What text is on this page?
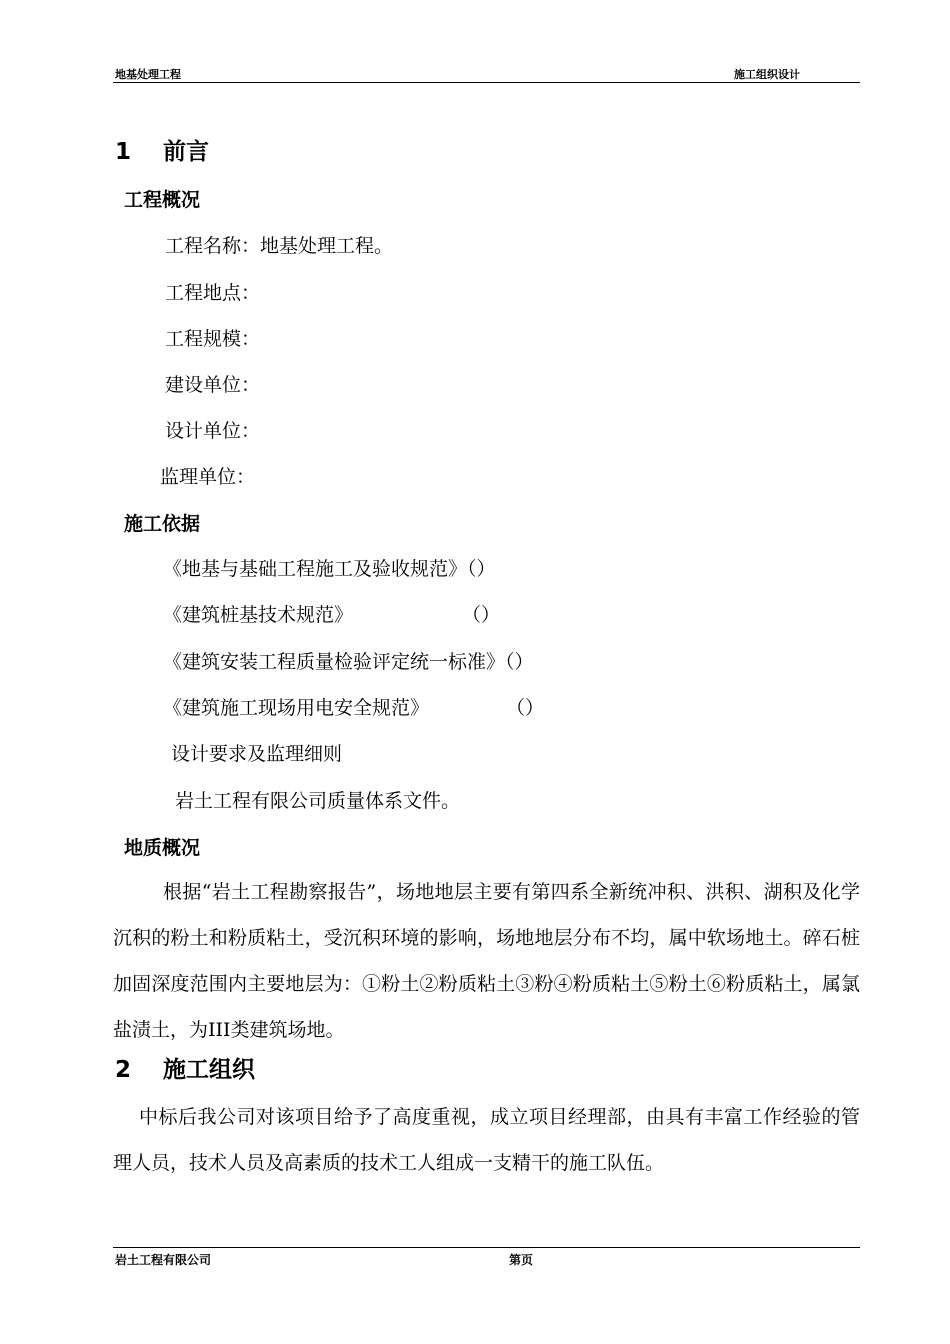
地基处理工程	施工组织设计
1 前言
工程概况
工程名称：地基处理工程。
工程地点：
工程规模：
建设单位：
设计单位：
监理单位：
施工依据
《地基与基础工程施工及验收规范》（）
《建筑桩基技术规范》	（）
《建筑安装工程质量检验评定统一标准》（）
《建筑施工现场用电安全规范》	（）
设计要求及监理细则
岩土工程有限公司质量体系文件。
地质概况
根据“岩土工程勘察报告”，场地地层主要有第四系全新统冲积、洪积、湖积及化学沉积的粉土和粉质粘土，受沉积环境的影响，场地地层分布不均，属中软场地土。碎石桩加固深度范围内主要地层为：①粉土②粉质粘土③粉④粉质粘土⑤粉土⑥粉质粘土，属氯盐渍土，为III类建筑场地。
2 施工组织
中标后我公司对该项目给予了高度重视，成立项目经理部，由具有丰富工作经验的管理人员，技术人员及高素质的技术工人组成一支精干的施工队伍。
岩土工程有限公司	第页
